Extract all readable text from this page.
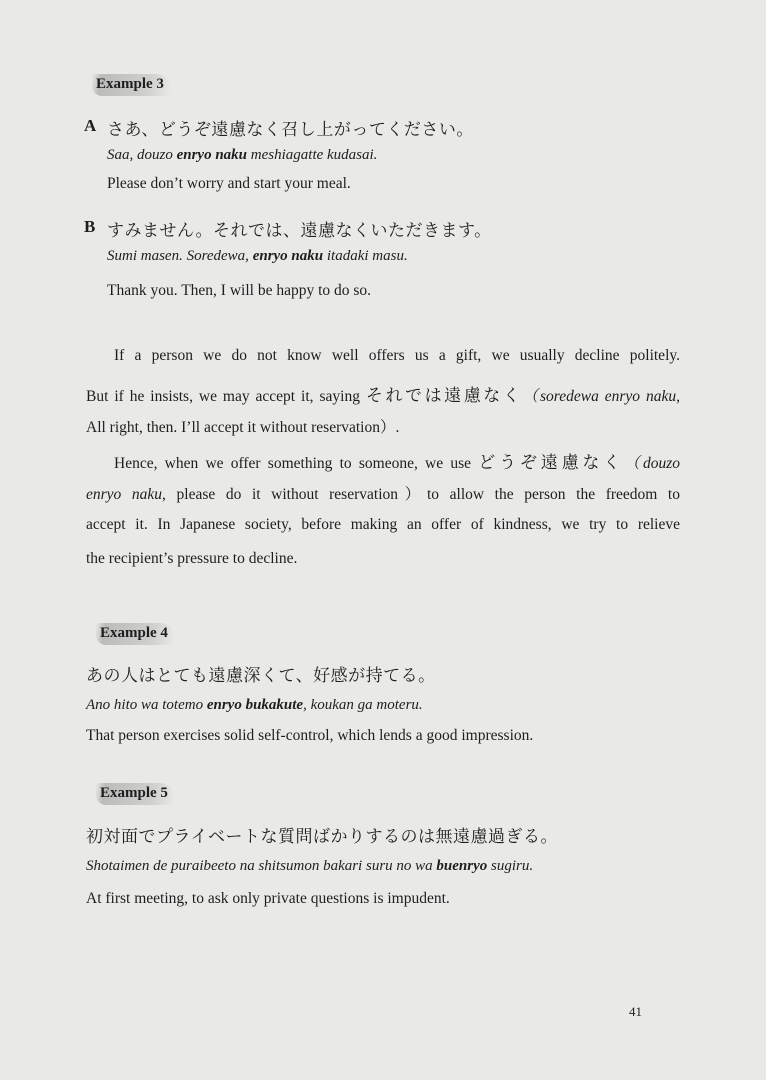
Example 3
A さあ、どうぞ遠慮なく召し上がってください。
Saa, douzo enryo naku meshiagatte kudasai.
Please don’t worry and start your meal.
B すみません。それでは、遠慮なくいただきます。
Sumi masen. Soredewa, enryo naku itadaki masu.
Thank you. Then, I will be happy to do so.
If a person we do not know well offers us a gift, we usually decline politely.
But if he insists, we may accept it, saying それでは遠慮なく（soredewa enryo naku,
All right, then. I’ll accept it without reservation）.
Hence, when we offer something to someone, we use どうぞ遠慮なく（douzo
enryo naku, please do it without reservation）to allow the person the freedom to
accept it. In Japanese society, before making an offer of kindness, we try to relieve
the recipient’s pressure to decline.
Example 4
あの人はとても遠慮深くて、好感が持てる。
Ano hito wa totemo enryo bukakute, koukan ga moteru.
That person exercises solid self-control, which lends a good impression.
Example 5
初対面でプライベートな質問ばかりするのは無遠慮過ぎる。
Shotaimen de puraibeeto na shitsumon bakari suru no wa buenryo sugiru.
At first meeting, to ask only private questions is impudent.
41
